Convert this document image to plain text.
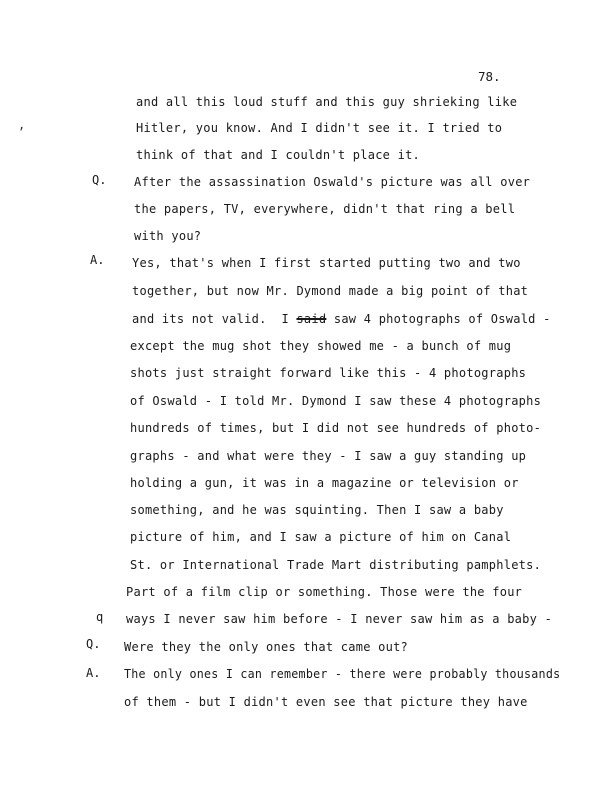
78.
,
Q.
A.
q
Q.
A.
and all this loud stuff and this guy shrieking like
Hitler, you know. And I didn't see it. I tried to
think of that and I couldn't place it.
After the assassination Oswald's picture was all over
the papers, TV, everywhere, didn't that ring a bell
with you?
Yes, that's when I first started putting two and two
together, but now Mr. Dymond made a big point of that
and its not valid.  I said saw 4 photographs of Oswald -
except the mug shot they showed me - a bunch of mug
shots just straight forward like this - 4 photographs
of Oswald - I told Mr. Dymond I saw these 4 photographs
hundreds of times, but I did not see hundreds of photo-
graphs - and what were they - I saw a guy standing up
holding a gun, it was in a magazine or television or
something, and he was squinting. Then I saw a baby
picture of him, and I saw a picture of him on Canal
St. or International Trade Mart distributing pamphlets.
Part of a film clip or something. Those were the four
ways I never saw him before - I never saw him as a baby -
Were they the only ones that came out?
The only ones I can remember - there were probably thousands
of them - but I didn't even see that picture they have
